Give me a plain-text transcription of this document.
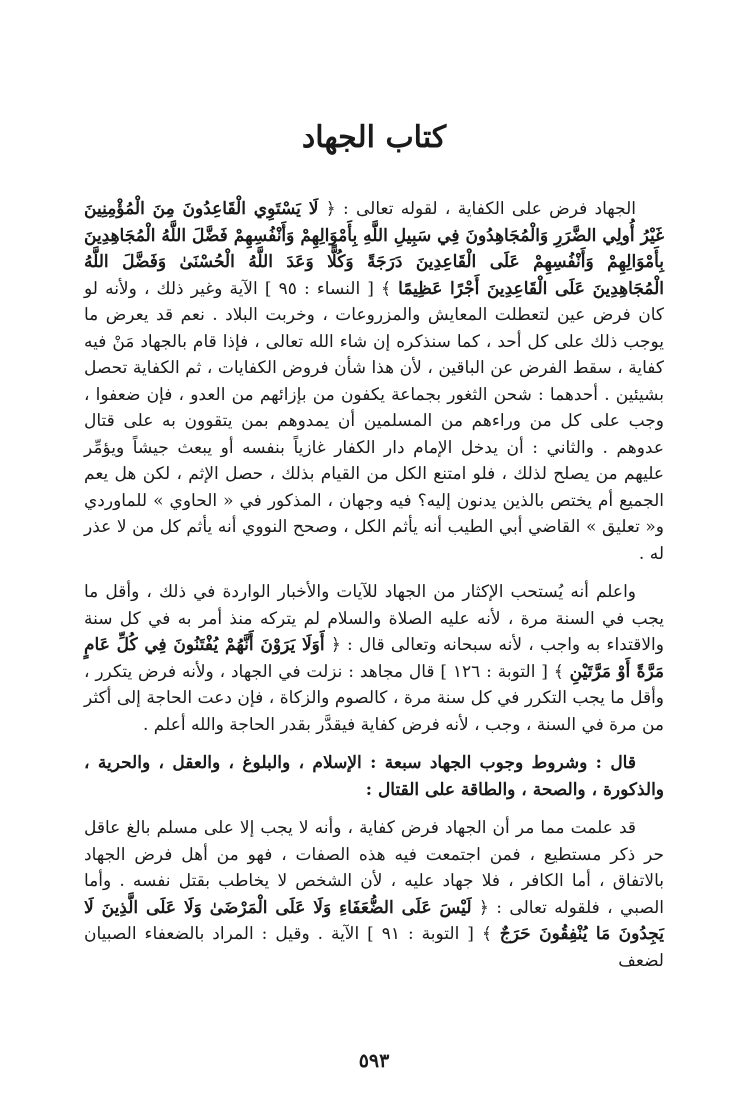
كتاب الجهاد

الجهاد فرض على الكفاية ، لقوله تعالى : ﴿ لَا يَسْتَوِي الْقَاعِدُونَ مِنَ الْمُؤْمِنِينَ غَيْرُ أُولِي الضَّرَرِ وَالْمُجَاهِدُونَ فِي سَبِيلِ اللَّهِ بِأَمْوَالِهِمْ وَأَنْفُسِهِمْ فَضَّلَ اللَّهُ الْمُجَاهِدِينَ بِأَمْوَالِهِمْ وَأَنْفُسِهِمْ عَلَى الْقَاعِدِينَ دَرَجَةً وَكُلًّا وَعَدَ اللَّهُ الْحُسْنَىٰ وَفَضَّلَ اللَّهُ الْمُجَاهِدِينَ عَلَى الْقَاعِدِينَ أَجْرًا عَظِيمًا ﴾ [ النساء : ٩٥ ] الآية وغير ذلك ، ولأنه لو كان فرض عين لتعطلت المعايش والمزروعات ، وخربت البلاد . نعم قد يعرض ما يوجب ذلك على كل أحد ، كما سنذكره إن شاء الله تعالى ، فإذا قام بالجهاد مَنْ فيه كفاية ، سقط الفرض عن الباقين ، لأن هذا شأن فروض الكفايات ، ثم الكفاية تحصل بشيئين . أحدهما : شحن الثغور بجماعة يكفون من بإزائهم من العدو ، فإن ضعفوا ، وجب على كل من وراءهم من المسلمين أن يمدوهم بمن يتقوون به على قتال عدوهم . والثاني : أن يدخل الإمام دار الكفار غازياً بنفسه أو يبعث جيشاً ويؤمِّر عليهم من يصلح لذلك ، فلو امتنع الكل من القيام بذلك ، حصل الإثم ، لكن هل يعم الجميع أم يختص بالذين يدنون إليه؟ فيه وجهان ، المذكور في « الحاوي » للماوردي و« تعليق » القاضي أبي الطيب أنه يأثم الكل ، وصحح النووي أنه يأثم كل من لا عذر له .

واعلم أنه يُستحب الإكثار من الجهاد للآيات والأخبار الواردة في ذلك ، وأقل ما يجب في السنة مرة ، لأنه عليه الصلاة والسلام لم يتركه منذ أمر به في كل سنة والاقتداء به واجب ، لأنه سبحانه وتعالى قال : ﴿ أَوَلَا يَرَوْنَ أَنَّهُمْ يُفْتَنُونَ فِي كُلِّ عَامٍ مَرَّةً أَوْ مَرَّتَيْنِ ﴾ [ التوبة : ١٢٦ ] قال مجاهد : نزلت في الجهاد ، ولأنه فرض يتكرر ، وأقل ما يجب التكرر في كل سنة مرة ، كالصوم والزكاة ، فإن دعت الحاجة إلى أكثر من مرة في السنة ، وجب ، لأنه فرض كفاية فيقدَّر بقدر الحاجة والله أعلم .

قال : وشروط وجوب الجهاد سبعة : الإسلام ، والبلوغ ، والعقل ، والحرية ، والذكورة ، والصحة ، والطاقة على القتال :

قد علمت مما مر أن الجهاد فرض كفاية ، وأنه لا يجب إلا على مسلم بالغ عاقل حر ذكر مستطيع ، فمن اجتمعت فيه هذه الصفات ، فهو من أهل فرض الجهاد بالاتفاق ، أما الكافر ، فلا جهاد عليه ، لأن الشخص لا يخاطب بقتل نفسه . وأما الصبي ، فلقوله تعالى : ﴿ لَيْسَ عَلَى الضُّعَفَاءِ وَلَا عَلَى الْمَرْضَىٰ وَلَا عَلَى الَّذِينَ لَا يَجِدُونَ مَا يُنْفِقُونَ حَرَجٌ ﴾ [ التوبة : ٩١ ] الآية . وقيل : المراد بالضعفاء الصبيان لضعف

٥٩٣
